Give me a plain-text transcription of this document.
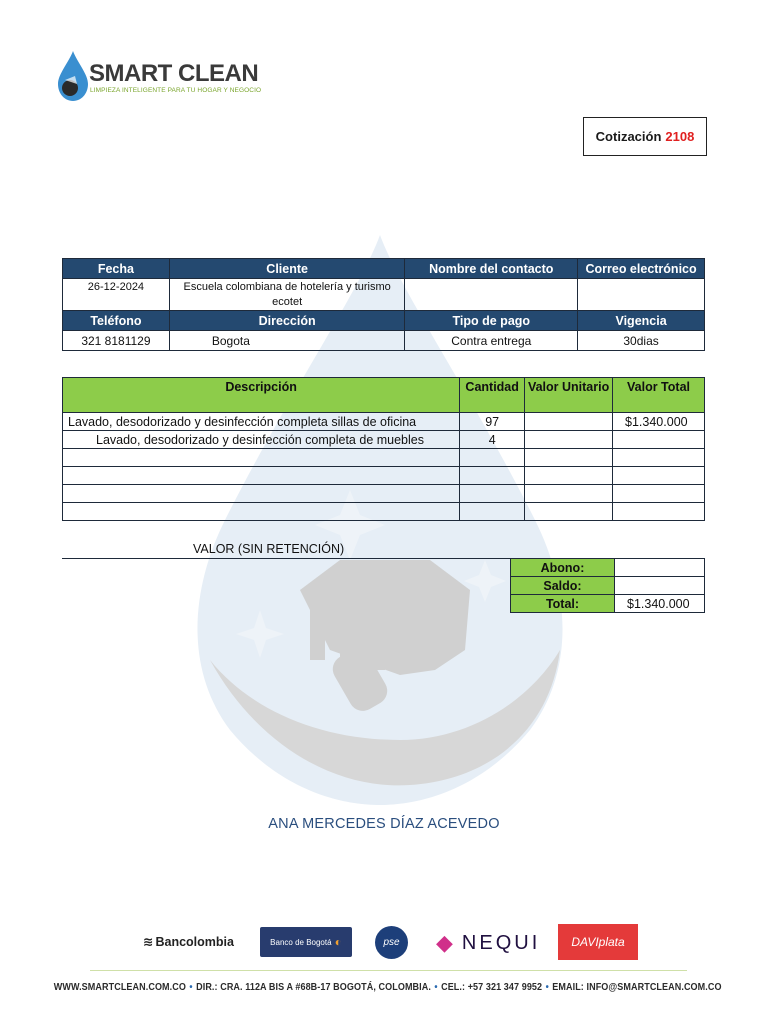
SMART CLEAN
LIMPIEZA INTELIGENTE PARA TU HOGAR Y NEGOCIO
Cotización 2108
Fecha	Cliente	Nombre del contacto	Correo electrónico
26-12-2024	Escuela colombiana de hotelería y turismo ecotet		
Teléfono	Dirección	Tipo de pago	Vigencia
321 8181129	Bogota	Contra entrega	30dias
Descripción	Cantidad	Valor Unitario	Valor Total
Lavado, desodorizado y desinfección completa sillas de oficina	97		$1.340.000
Lavado, desodorizado y desinfección completa de muebles	4		

VALOR (SIN RETENCIÓN)
Abono:	
Saldo:	
Total:	$1.340.000
ANA MERCEDES DÍAZ ACEVEDO
≋ Bancolombia	Banco de Bogotá ◐	pse ◆ NEQUI	DAVIplata
WWW.SMARTCLEAN.COM.CO • DIR.: CRA. 112A BIS A #68B-17 BOGOTÁ, COLOMBIA. • CEL.: +57 321 347 9952 • EMAIL: INFO@SMARTCLEAN.COM.CO
